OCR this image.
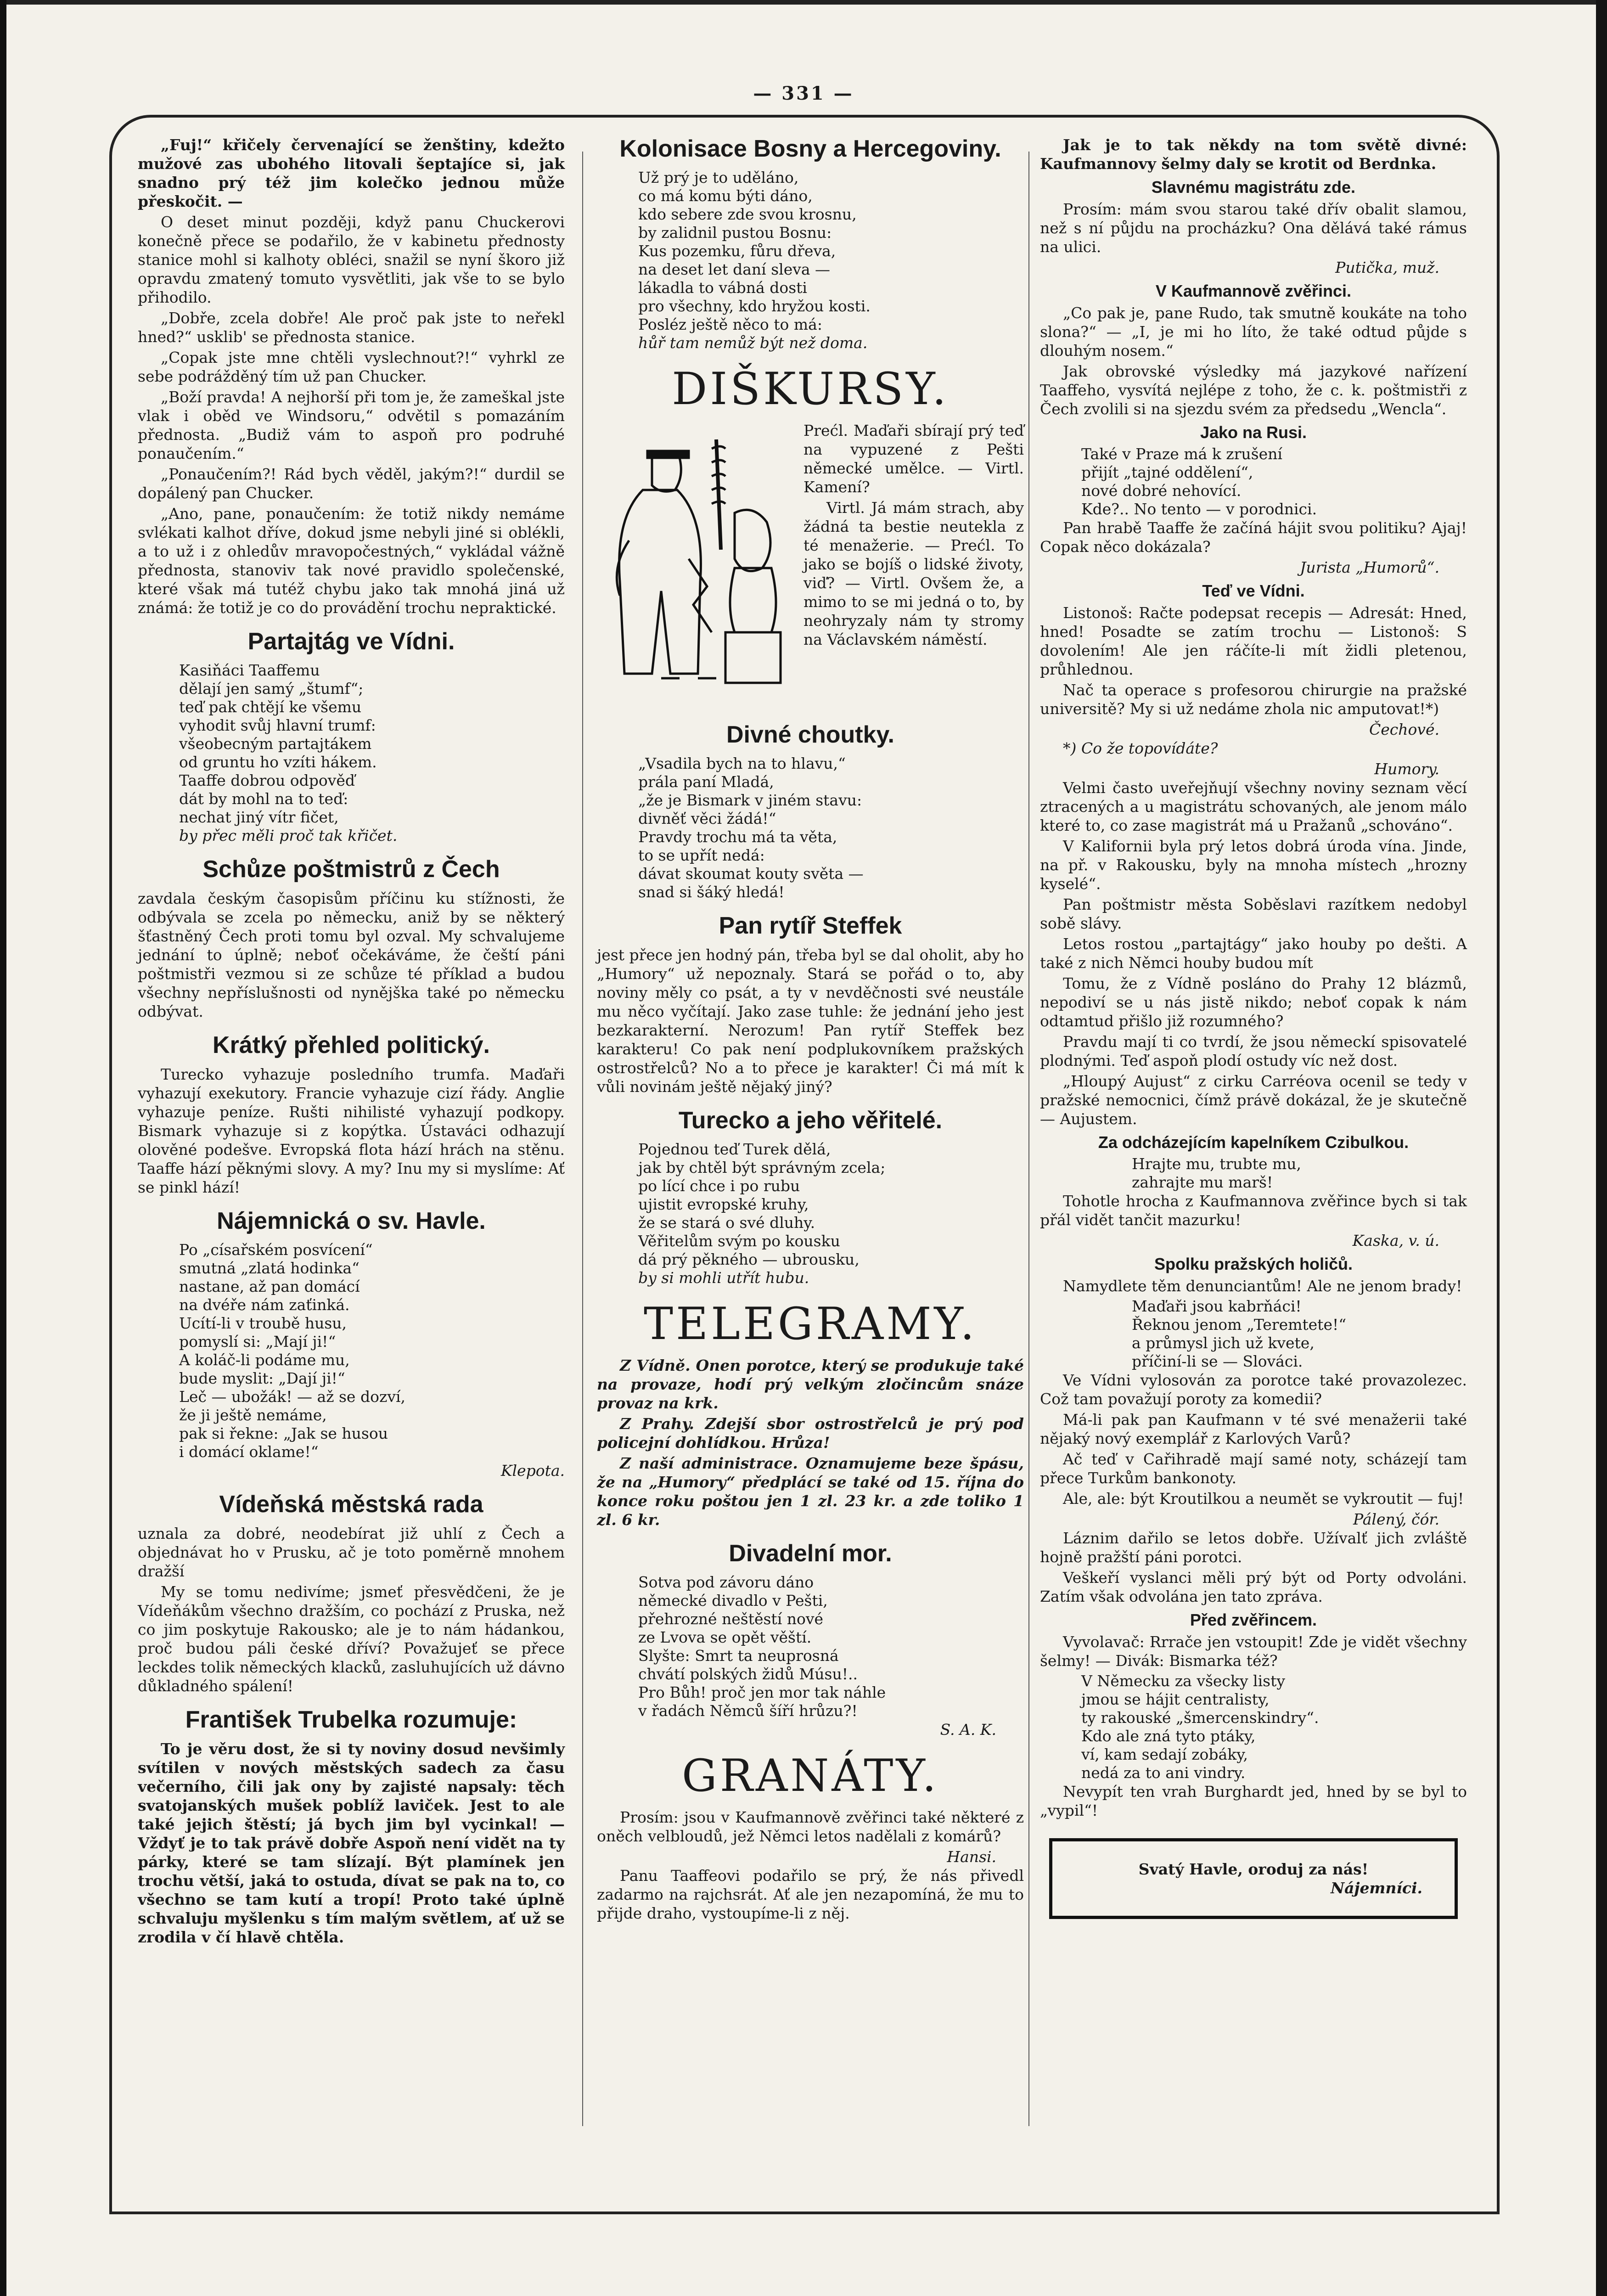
— 331 —

„Fuj!“ křičely červenající se ženštiny, kdežto mužové zas ubohého litovali šeptajíce si, jak snadno prý též jim kolečko jednou může přeskočit. —

O deset minut později, když panu Chuckerovi konečně přece se podařilo, že v kabinetu přednosty stanice mohl si kalhoty obléci, snažil se nyní škoro již opravdu zmatený tomuto vysvětliti, jak vše to se bylo přihodilo.

„Dobře, zcela dobře! Ale proč pak jste to neřekl hned?“ usklib' se přednosta stanice.

„Copak jste mne chtěli vyslechnout?!“ vyhrkl ze sebe podrážděný tím už pan Chucker.

„Boží pravda! A nejhorší při tom je, že zameškal jste vlak i oběd ve Windsoru,“ odvětil s pomazáním přednosta. „Budiž vám to aspoň pro podruhé ponaučením.“

„Ponaučením?! Rád bych věděl, jakým?!“ durdil se dopálený pan Chucker.

„Ano, pane, ponaučením: že totiž nikdy nemáme svlékati kalhot dříve, dokud jsme nebyli jiné si oblékli, a to už i z ohledův mravopočestných,“ vykládal vážně přednosta, stanoviv tak nové pravidlo společenské, které však má tutéž chybu jako tak mnohá jiná už známá: že totiž je co do provádění trochu nepraktické.

Partajtág ve Vídni.
Kasiňáci Taaffemu
dělají jen samý „štumf“;
teď pak chtějí ke všemu
vyhodit svůj hlavní trumf:
všeobecným partajtákem
od gruntu ho vzíti hákem.
Taaffe dobrou odpověď
dát by mohl na to teď:
nechat jiný vítr fičet,
by přec měli proč tak křičet.
Schůze poštmistrů z Čech

zavdala českým časopisům příčinu ku stížnosti, že odbývala se zcela po německu, aniž by se některý šťastněný Čech proti tomu byl ozval. My schvalujeme jednání to úplně; neboť očekáváme, že čeští páni poštmistři vezmou si ze schůze té příklad a budou všechny nepříslušnosti od nynějška také po německu odbývat.

Krátký přehled politický.

Turecko vyhazuje posledního trumfa. Maďaři vyhazují exekutory. Francie vyhazuje cizí řády. Anglie vyhazuje peníze. Rušti nihilisté vyhazují podkopy. Bismark vyhazuje si z kopýtka. Ústaváci odhazují olověné podešve. Evropská flota hází hrách na stěnu. Taaffe hází pěknými slovy. A my? Inu my si myslíme: Ať se pinkl hází!

Nájemnická o sv. Havle.
Po „císařském posvícení“
smutná „zlatá hodinka“
nastane, až pan domácí
na dvéře nám zaťinká.
Ucítí-li v troubě husu,
pomyslí si: „Mají ji!“
A koláč-li podáme mu,
bude myslit: „Dají ji!“
Leč — ubožák! — až se dozví,
že ji ještě nemáme,
pak si řekne: „Jak se husou
i domácí oklame!“
Klepota.
Vídeňská městská rada

uznala za dobré, neodebírat již uhlí z Čech a objednávat ho v Prusku, ač je toto poměrně mnohem dražší

My se tomu nedivíme; jsmeť přesvědčeni, že je Vídeňákům všechno dražším, co pochází z Pruska, než co jim poskytuje Rakousko; ale je to nám hádankou, proč budou páli české dříví? Považujeť se přece leckdes tolik německých klacků, zasluhujících už dávno důkladného spálení!

František Trubelka rozumuje:

To je věru dost, že si ty noviny dosud nevšimly svítilen v nových městských sadech za času večerního, čili jak ony by zajisté napsaly: těch svatojanských mušek poblíž laviček. Jest to ale také jejich štěstí; já bych jim byl vycinkal! — Vždyť je to tak právě dobře Aspoň není vidět na ty párky, které se tam slízají. Být plamínek jen trochu větší, jaká to ostuda, dívat se pak na to, co všechno se tam kutí a tropí! Proto také úplně schvaluju myšlenku s tím malým světlem, ať už se zrodila v čí hlavě chtěla.

Kolonisace Bosny a Hercegoviny.
Už prý je to uděláno,
co má komu býti dáno,
kdo sebere zde svou krosnu,
by zalidnil pustou Bosnu:
Kus pozemku, fůru dřeva,
na deset let daní sleva —
lákadla to vábná dosti
pro všechny, kdo hryžou kosti.
Posléz ještě něco to má:
hůř tam nemůž být než doma.
DIŠKURSY.

Prećl. Maďaři sbírají prý teď na vypuzené z Pešti německé umělce. — Virtl. Kamení?

Virtl. Já mám strach, aby žádná ta bestie neutekla z té menažerie. — Prećl. To jako se bojíš o lidské životy, viď? — Virtl. Ovšem že, a mimo to se mi jedná o to, by neohryzaly nám ty stromy na Václavském náměstí.

Divné choutky.
„Vsadila bych na to hlavu,“
prála paní Mladá,
„že je Bismark v jiném stavu:
divněť věci žádá!“
Pravdy trochu má ta věta,
to se upřít nedá:
dávat skoumat kouty světa —
snad si šáký hledá!
Pan rytíř Steffek

jest přece jen hodný pán, třeba byl se dal oholit, aby ho „Humory“ už nepoznaly. Stará se pořád o to, aby noviny měly co psát, a ty v nevděčnosti své neustále mu něco vyčítají. Jako zase tuhle: že jednání jeho jest bezkarakterní. Nerozum! Pan rytíř Steffek bez karakteru! Co pak není podplukovníkem pražských ostrostřelců? No a to přece je karakter! Či má mít k vůli novinám ještě nějaký jiný?

Turecko a jeho věřitelé.
Pojednou teď Turek dělá,
jak by chtěl být správným zcela;
po lící chce i po rubu
ujistit evropské kruhy,
že se stará o své dluhy.
Věřitelům svým po kousku
dá prý pěkného — ubrousku,
by si mohli utřít hubu.
TELEGRAMY.

Z Vídně. Onen porotce, který se produkuje také na provaze, hodí prý velkým zločincům snáze provaz na krk.

Z Prahy. Zdejší sbor ostrostřelců je prý pod policejní dohlídkou. Hrůza!

Z naší administrace. Oznamujeme beze špásu, že na „Humory“ předplácí se také od 15. října do konce roku poštou jen 1 zl. 23 kr. a zde toliko 1 zl. 6 kr.

Divadelní mor.
Sotva pod závoru dáno
německé divadlo v Pešti,
přehrozné neštěstí nové
ze Lvova se opět věští.
Slyšte: Smrt ta neuprosná
chvátí polských židů Músu!..
Pro Bůh! proč jen mor tak náhle
v řadách Němců šíří hrůzu?!
S. A. K.
GRANÁTY.

Prosím: jsou v Kaufmannově zvěřinci také některé z oněch velbloudů, jež Němci letos nadělali z komárů?

Hansi.

Panu Taaffeovi podařilo se prý, že nás přivedl zadarmo na rajchsrát. Ať ale jen nezapomíná, že mu to přijde draho, vystoupíme-li z něj.

Jak je to tak někdy na tom světě divné: Kaufmannovy šelmy daly se krotit od Berdnka.

Slavnému magistrátu zde.

Prosím: mám svou starou také dřív obalit slamou, než s ní půjdu na procházku? Ona dělává také rámus na ulici.

Putička, muž.
V Kaufmannově zvěřinci.

„Co pak je, pane Rudo, tak smutně koukáte na toho slona?“ — „I, je mi ho líto, že také odtud půjde s dlouhým nosem.“

Jak obrovské výsledky má jazykové nařízení Taaffeho, vysvítá nejlépe z toho, že c. k. poštmistři z Čech zvolili si na sjezdu svém za předsedu „Wencla“.

Jako na Rusi.
Také v Praze má k zrušení
přijít „tajné oddělení“,
nové dobré nehovící.
Kde?.. No tento — v porodnici.

Pan hrabě Taaffe že začíná hájit svou politiku? Ajaj! Copak něco dokázala?

Jurista „Humorů“.
Teď ve Vídni.

Listonoš: Račte podepsat recepis — Adresát: Hned, hned! Posadte se zatím trochu — Listonoš: S dovolením! Ale jen ráčíte-li mít židli pletenou, průhlednou.

Nač ta operace s profesorou chirurgie na pražské universitě? My si už nedáme zhola nic amputovat!*)

Čechové.

*) Co že topovídáte?

Humory.

Velmi často uveřejňují všechny noviny seznam věcí ztracených a u magistrátu schovaných, ale jenom málo které to, co zase magistrát má u Pražanů „schováno“.

V Kalifornii byla prý letos dobrá úroda vína. Jinde, na př. v Rakousku, byly na mnoha místech „hrozny kyselé“.

Pan poštmistr města Soběslavi razítkem nedobyl sobě slávy.

Letos rostou „partajtágy“ jako houby po dešti. A také z nich Němci houby budou mít

Tomu, že z Vídně posláno do Prahy 12 blázmů, nepodiví se u nás jistě nikdo; neboť copak k nám odtamtud přišlo již rozumného?

Pravdu mají ti co tvrdí, že jsou německí spisovatelé plodnými. Teď aspoň plodí ostudy víc než dost.

„Hloupý Aujust“ z cirku Carréova ocenil se tedy v pražské nemocnici, čímž právě dokázal, že je skutečně — Aujustem.

Za odcházejícím kapelníkem Czibulkou.
Hrajte mu, trubte mu,
zahrajte mu marš!

Tohotle hrocha z Kaufmannova zvěřince bych si tak přál vidět tančit mazurku!

Kaska, v. ú.
Spolku pražských holičů.

Namydlete těm denunciantům! Ale ne jenom brady!

Maďaři jsou kabrňáci!
Řeknou jenom „Teremtete!“
a průmysl jich už kvete,
příčiní-li se — Slováci.

Ve Vídni vylosován za porotce také provazolezec. Což tam považují poroty za komedii?

Má-li pak pan Kaufmann v té své menažerii také nějaký nový exemplář z Karlových Varů?

Ač teď v Cařihradě mají samé noty, scházejí tam přece Turkům bankonoty.

Ale, ale: být Kroutilkou a neumět se vykroutit — fuj!

Pálený, čór.

Láznim dařilo se letos dobře. Užívalť jich zvláště hojně pražští páni porotci.

Veškeří vyslanci měli prý být od Porty odvoláni. Zatím však odvolána jen tato zpráva.

Před zvěřincem.

Vyvolavač: Rrrače jen vstoupit! Zde je vidět všechny šelmy! — Divák: Bismarka též?

V Německu za všecky listy
jmou se hájit centralisty,
ty rakouské „šmercenskindry“.
Kdo ale zná tyto ptáky,
ví, kam sedají zobáky,
nedá za to ani vindry.

Nevypít ten vrah Burghardt jed, hned by se byl to „vypil“!

Svatý Havle, oroduj za nás!
Nájemníci.
